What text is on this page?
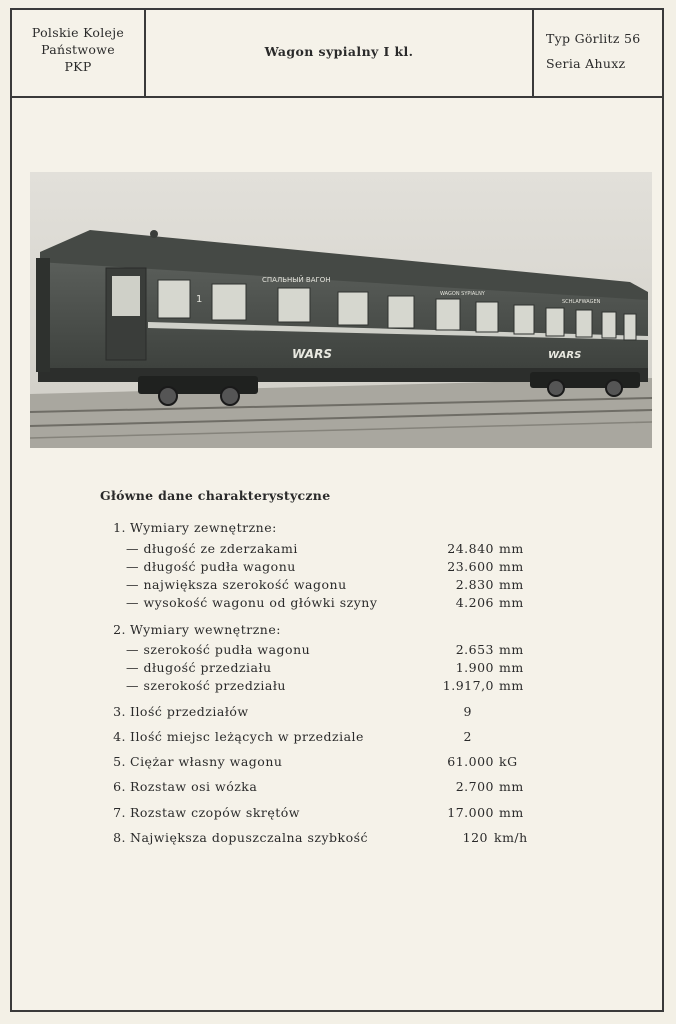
Polskie Koleje
Państwowe
PKP
Wagon sypialny I kl.
Typ Görlitz 56
Seria Ahuxz
СПАЛЬНЫЙ ВАГОН
WAGON SYPIALNY
SCHLAFWAGEN
1
WARS	WARS
Główne dane charakterystyczne
1. Wymiary zewnętrzne:
— długość ze zderzakami	24.840 mm
— długość pudła wagonu	23.600 mm
— największa szerokość wagonu	2.830 mm
— wysokość wagonu od główki szyny	4.206 mm
2. Wymiary wewnętrzne:
— szerokość pudła wagonu	2.653 mm
— długość przedziału	1.900 mm
— szerokość przedziału	1.917,0 mm
3. Ilość przedziałów	9
4. Ilość miejsc leżących w przedziale	2
5. Ciężar własny wagonu	61.000 kG
6. Rozstaw osi wózka	2.700 mm
7. Rozstaw czopów skrętów	17.000 mm
8. Największa dopuszczalna szybkość	120 km/h
